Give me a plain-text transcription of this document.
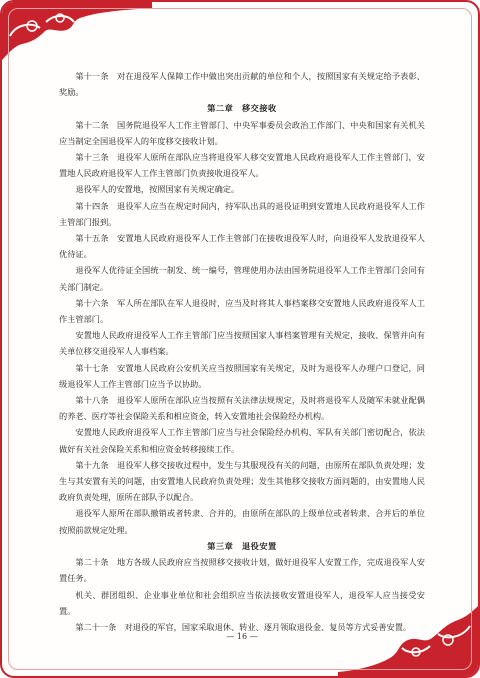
第十一条　对在退役军人保障工作中做出突出贡献的单位和个人，按照国家有关规定给予表彰、奖励。

第二章　移交接收

第十二条　国务院退役军人工作主管部门、中央军事委员会政治工作部门、中央和国家有关机关应当制定全国退役军人的年度移交接收计划。

第十三条　退役军人原所在部队应当将退役军人移交安置地人民政府退役军人工作主管部门，安置地人民政府退役军人工作主管部门负责接收退役军人。

退役军人的安置地，按照国家有关规定确定。

第十四条　退役军人应当在规定时间内，持军队出具的退役证明到安置地人民政府退役军人工作主管部门报到。

第十五条　安置地人民政府退役军人工作主管部门在接收退役军人时，向退役军人发放退役军人优待证。

退役军人优待证全国统一制发、统一编号，管理使用办法由国务院退役军人工作主管部门会同有关部门制定。

第十六条　军人所在部队在军人退役时，应当及时将其人事档案移交安置地人民政府退役军人工作主管部门。

安置地人民政府退役军人工作主管部门应当按照国家人事档案管理有关规定，接收、保管并向有关单位移交退役军人人事档案。

第十七条　安置地人民政府公安机关应当按照国家有关规定，及时为退役军人办理户口登记，同级退役军人工作主管部门应当予以协助。

第十八条　退役军人原所在部队应当按照有关法律法规规定，及时将退役军人及随军未就业配偶的养老、医疗等社会保险关系和相应资金，转入安置地社会保险经办机构。

安置地人民政府退役军人工作主管部门应当与社会保险经办机构、军队有关部门密切配合，依法做好有关社会保险关系和相应资金转移接续工作。

第十九条　退役军人移交接收过程中，发生与其服现役有关的问题，由原所在部队负责处理；发生与其安置有关的问题，由安置地人民政府负责处理；发生其他移交接收方面问题的，由安置地人民政府负责处理，原所在部队予以配合。

退役军人原所在部队撤销或者转隶、合并的，由原所在部队的上级单位或者转隶、合并后的单位按照前款规定处理。

第三章　退役安置

第二十条　地方各级人民政府应当按照移交接收计划，做好退役军人安置工作，完成退役军人安置任务。

机关、群团组织、企业事业单位和社会组织应当依法接收安置退役军人，退役军人应当接受安置。

第二十一条　对退役的军官，国家采取退休、转业、逐月领取退役金、复员等方式妥善安置。

— 16 —
